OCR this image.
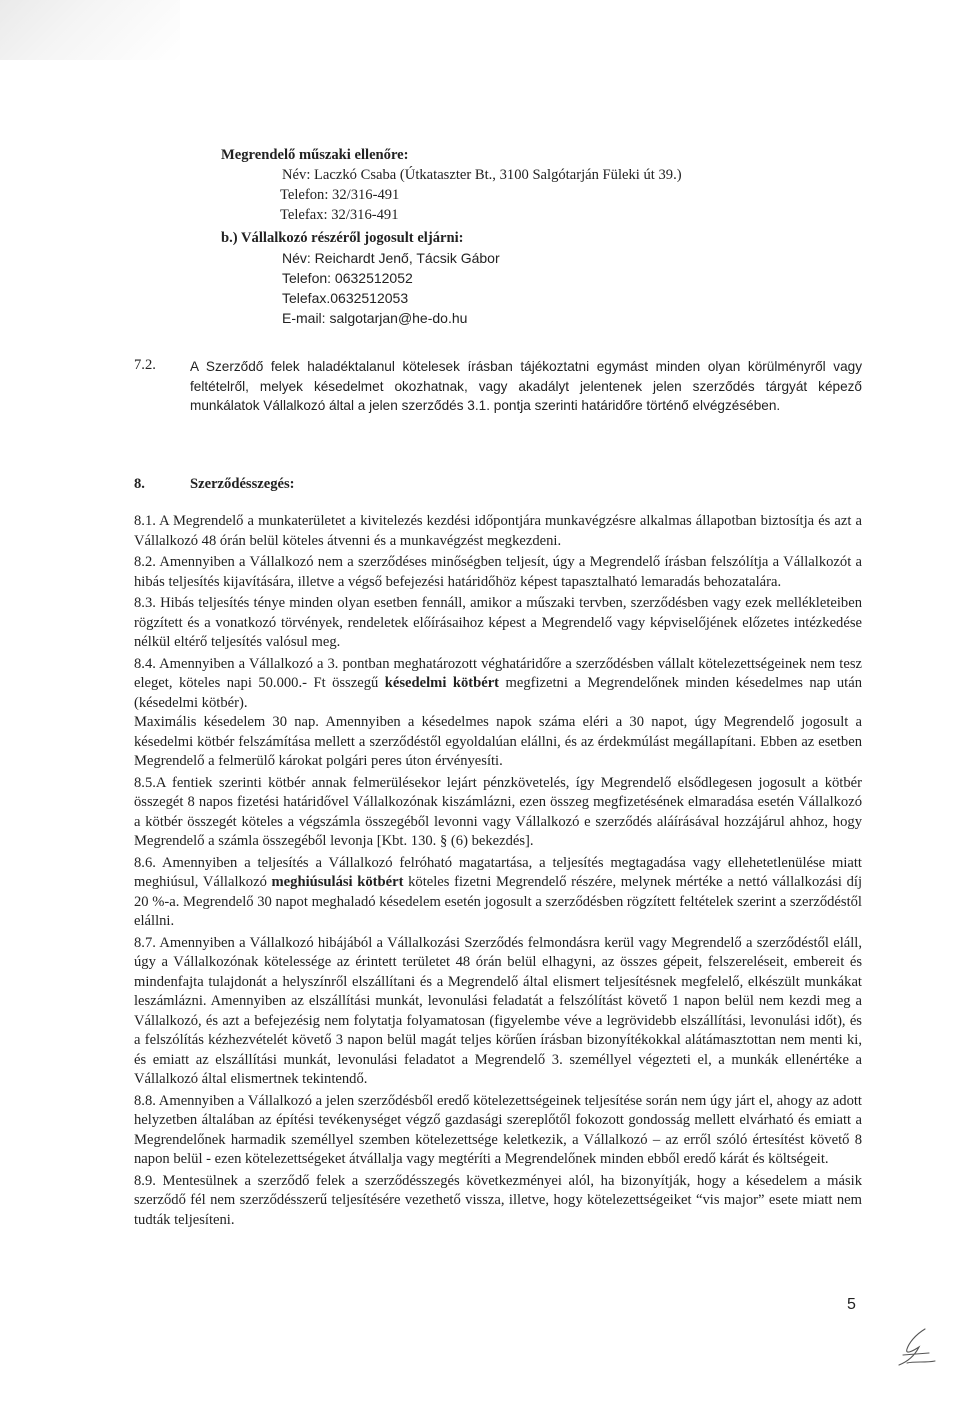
Megrendelő műszaki ellenőre:
Név: Laczkó Csaba (Útkataszter Bt., 3100 Salgótarján Füleki út 39.)
Telefon: 32/316-491
Telefax: 32/316-491
b.) Vállalkozó részéről jogosult eljárni:
Név: Reichardt Jenő, Tácsik Gábor
Telefon: 0632512052
Telefax.0632512053
E-mail: salgotarjan@he-do.hu
7.2.	A Szerződő felek haladéktalanul kötelesek írásban tájékoztatni egymást minden olyan körülményről vagy feltételről, melyek késedelmet okozhatnak, vagy akadályt jelentenek jelen szerződés tárgyát képező munkálatok Vállalkozó által a jelen szerződés 3.1. pontja szerinti határidőre történő elvégzésében.
8.	Szerződésszegés:

8.1. A Megrendelő a munkaterületet a kivitelezés kezdési időpontjára munkavégzésre alkalmas állapotban biztosítja és azt a Vállalkozó 48 órán belül köteles átvenni és a munkavégzést megkezdeni.

8.2. Amennyiben a Vállalkozó nem a szerződéses minőségben teljesít, úgy a Megrendelő írásban felszólítja a Vállalkozót a hibás teljesítés kijavítására, illetve a végső befejezési határidőhöz képest tapasztalható lemaradás behozatalára.

8.3. Hibás teljesítés ténye minden olyan esetben fennáll, amikor a műszaki tervben, szerződésben vagy ezek mellékleteiben rögzített és a vonatkozó törvények, rendeletek előírásaihoz képest a Megrendelő vagy képviselőjének előzetes intézkedése nélkül eltérő teljesítés valósul meg.

8.4. Amennyiben a Vállalkozó a 3. pontban meghatározott véghatáridőre a szerződésben vállalt kötelezettségeinek nem tesz eleget, köteles napi 50.000.- Ft összegű késedelmi kötbért megfizetni a Megrendelőnek minden késedelmes nap után (késedelmi kötbér).

Maximális késedelem 30 nap. Amennyiben a késedelmes napok száma eléri a 30 napot, úgy Megrendelő jogosult a késedelmi kötbér felszámítása mellett a szerződéstől egyoldalúan elállni, és az érdekmúlást megállapítani. Ebben az esetben Megrendelő a felmerülő károkat polgári peres úton érvényesíti.

8.5.A fentiek szerinti kötbér annak felmerülésekor lejárt pénzkövetelés, így Megrendelő elsődlegesen jogosult a kötbér összegét 8 napos fizetési határidővel Vállalkozónak kiszámlázni, ezen összeg megfizetésének elmaradása esetén Vállalkozó a kötbér összegét köteles a végszámla összegéből levonni vagy Vállalkozó e szerződés aláírásával hozzájárul ahhoz, hogy Megrendelő a számla összegéből levonja [Kbt. 130. § (6) bekezdés].

8.6. Amennyiben a teljesítés a Vállalkozó felróható magatartása, a teljesítés megtagadása vagy ellehetetlenülése miatt meghiúsul, Vállalkozó meghiúsulási kötbért köteles fizetni Megrendelő részére, melynek mértéke a nettó vállalkozási díj 20 %-a. Megrendelő 30 napot meghaladó késedelem esetén jogosult a szerződésben rögzített feltételek szerint a szerződéstől elállni.

8.7. Amennyiben a Vállalkozó hibájából a Vállalkozási Szerződés felmondásra kerül vagy Megrendelő a szerződéstől eláll, úgy a Vállalkozónak kötelessége az érintett területet 48 órán belül elhagyni, az összes gépeit, felszereléseit, embereit és mindenfajta tulajdonát a helyszínről elszállítani és a Megrendelő által elismert teljesítésnek megfelelő, elkészült munkákat leszámlázni. Amennyiben az elszállítási munkát, levonulási feladatát a felszólítást követő 1 napon belül nem kezdi meg a Vállalkozó, és azt a befejezésig nem folytatja folyamatosan (figyelembe véve a legrövidebb elszállítási, levonulási időt), és a felszólítás kézhezvételét követő 3 napon belül magát teljes körűen írásban bizonyítékokkal alátámasztottan nem menti ki, és emiatt az elszállítási munkát, levonulási feladatot a Megrendelő 3. személlyel végezteti el, a munkák ellenértéke a Vállalkozó által elismertnek tekintendő.

8.8. Amennyiben a Vállalkozó a jelen szerződésből eredő kötelezettségeinek teljesítése során nem úgy járt el, ahogy az adott helyzetben általában az építési tevékenységet végző gazdasági szereplőtől fokozott gondosság mellett elvárható és emiatt a Megrendelőnek harmadik személlyel szemben kötelezettsége keletkezik, a Vállalkozó – az erről szóló értesítést követő 8 napon belül - ezen kötelezettségeket átvállalja vagy megtéríti a Megrendelőnek minden ebből eredő kárát és költségeit.

8.9. Mentesülnek a szerződő felek a szerződésszegés következményei alól, ha bizonyítják, hogy a késedelem a másik szerződő fél nem szerződésszerű teljesítésére vezethető vissza, illetve, hogy kötelezettségeiket “vis major” esete miatt nem tudták teljesíteni.

5
